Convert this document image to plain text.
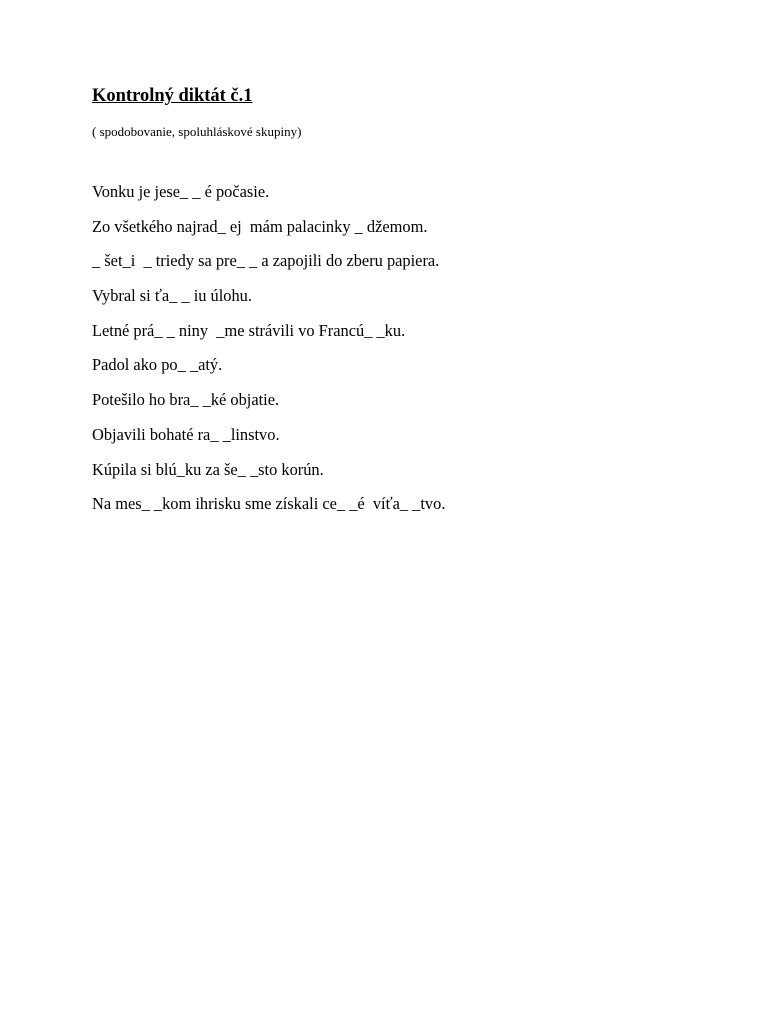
Kontrolný diktát č.1

( spodobovanie, spoluhláskové skupiny)

Vonku je jese_ _ é počasie.
Zo všetkého najrad_ ej  mám palacinky _ džemom.
_ šet_i  _ triedy sa pre_ _ a zapojili do zberu papiera.
Vybral si ťa_ _ iu úlohu.
Letné prá_ _ niny  _me strávili vo Francú_ _ku.
Padol ako po_ _atý.
Potešilo ho bra_ _ké objatie.
Objavili bohaté ra_ _linstvo.
Kúpila si blú_ku za še_ _sto korún.
Na mes_ _kom ihrisku sme získali ce_ _é  víťa_ _tvo.
